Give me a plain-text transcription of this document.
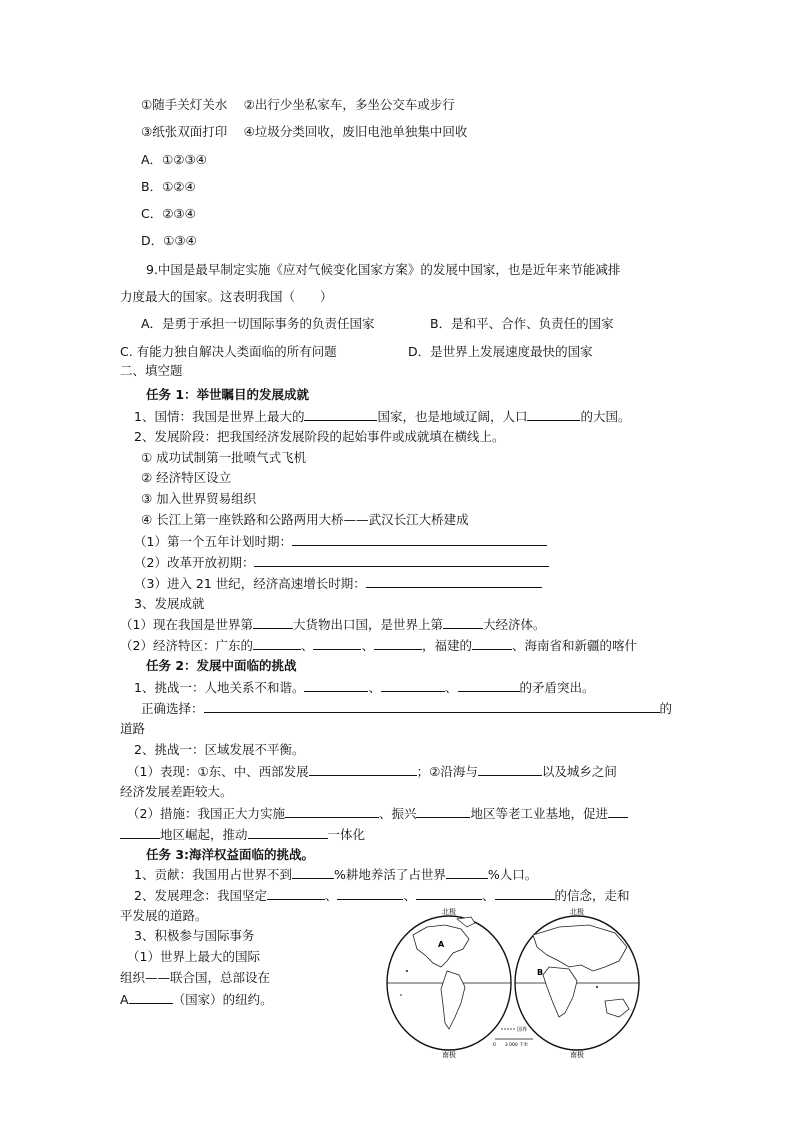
①随手关灯关水　 ②出行少坐私家车，多坐公交车或步行
③纸张双面打印　 ④垃圾分类回收，废旧电池单独集中回收
A．①②③④
B．①②④
C．②③④
D．①③④
9.中国是最早制定实施《应对气候变化国家方案》的发展中国家，也是近年来节能减排
力度最大的国家。这表明我国（　　）
A．是勇于承担一切国际事务的负责任国家	B．是和平、合作、负责任的国家
C. 有能力独自解决人类面临的所有问题	D．是世界上发展速度最快的国家
二、填空题
任务 1：举世瞩目的发展成就
1、国情：我国是世界上最大的	国家，也是地域辽阔，人口	的大国。
2、发展阶段：把我国经济发展阶段的起始事件或成就填在横线上。
① 成功试制第一批喷气式飞机
② 经济特区设立
③ 加入世界贸易组织
④ 长江上第一座铁路和公路两用大桥——武汉长江大桥建成
（1）第一个五年计划时期：
（2）改革开放初期：
（3）进入 21 世纪，经济高速增长时期：
3、发展成就
（1）现在我国是世界第	大货物出口国，是世界上第	大经济体。
（2）经济特区：广东的	、	、	，福建的	、海南省和新疆的喀什
任务 2：发展中面临的挑战
1、挑战一：人地关系不和谐。	、	、	的矛盾突出。
正确选择：	的
道路
2、挑战一：区域发展不平衡。
（1）表现：①东、中、西部发展	；②沿海与	以及城乡之间
经济发展差距较大。
（2）措施：我国正大力实施	、振兴	地区等老工业基地，促进
地区崛起，推动	一体化
任务 3:海洋权益面临的挑战。
1、贡献：我国用占世界不到	%耕地养活了占世界	%人口。
2、发展理念：我国坚定	、	、	、	的信念，走和
平发展的道路。
3、积极参与国际事务
（1）世界上最大的国际
组织——联合国，总部设在
A	（国家）的纽约。
北极	北极
南极	南极
A
B
国界
0　　3 000 千米
